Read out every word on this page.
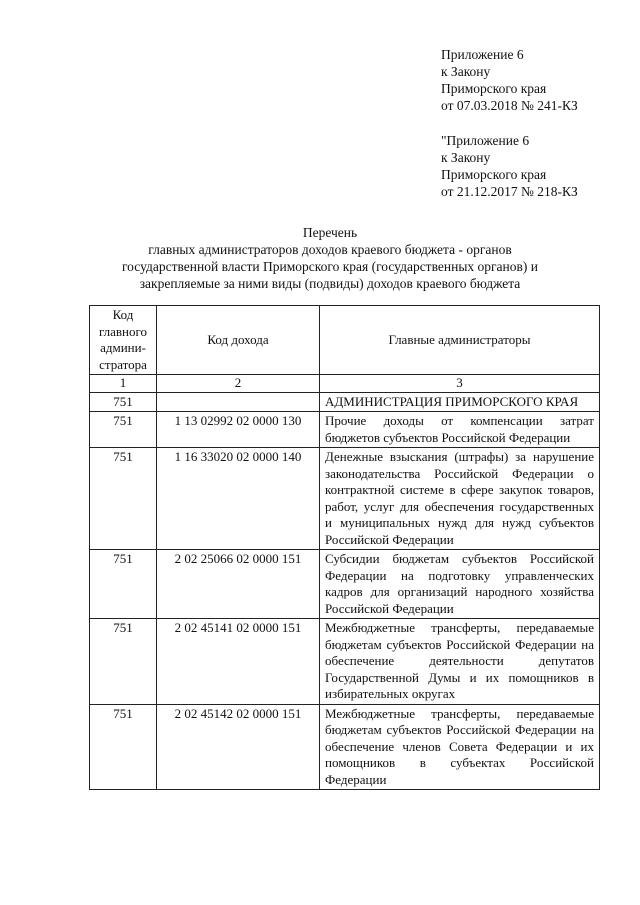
Приложение 6
к Закону
Приморского края
от 07.03.2018 № 241-КЗ
"Приложение 6
к Закону
Приморского края
от 21.12.2017 № 218-КЗ
Перечень
главных администраторов доходов краевого бюджета - органов
государственной власти Приморского края (государственных органов) и
закрепляемые за ними виды (подвиды) доходов краевого бюджета
Код главного админи-стратора	Код дохода	Главные администраторы
1	2	3
751		АДМИНИСТРАЦИЯ ПРИМОРСКОГО КРАЯ
751	1 13 02992 02 0000 130	Прочие доходы от компенсации затрат бюджетов субъектов Российской Федерации
751	1 16 33020 02 0000 140	Денежные взыскания (штрафы) за нарушение законодательства Российской Федерации о контрактной системе в сфере закупок товаров, работ, услуг для обеспечения государственных и муниципальных нужд для нужд субъектов Российской Федерации
751	2 02 25066 02 0000 151	Субсидии бюджетам субъектов Российской Федерации на подготовку управленческих кадров для организаций народного хозяйства Российской Федерации
751	2 02 45141 02 0000 151	Межбюджетные трансферты, передаваемые бюджетам субъектов Российской Федерации на обеспечение деятельности депутатов Государственной Думы и их помощников в избирательных округах
751	2 02 45142 02 0000 151	Межбюджетные трансферты, передаваемые бюджетам субъектов Российской Федерации на обеспечение членов Совета Федерации и их помощников в субъектах Российской Федерации
